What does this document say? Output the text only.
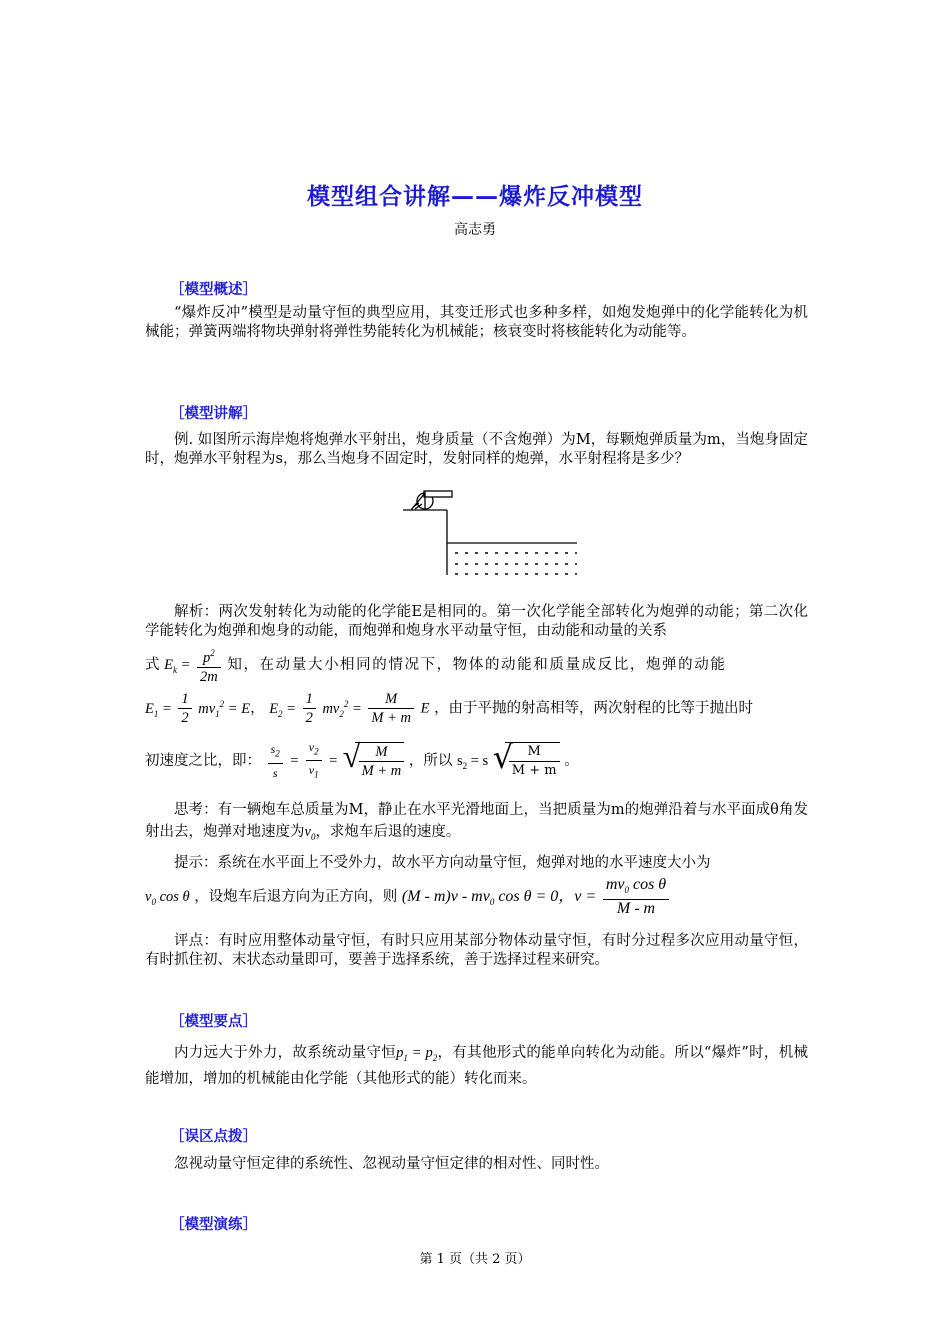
模型组合讲解——爆炸反冲模型
高志勇
［模型概述］
“爆炸反冲”模型是动量守恒的典型应用，其变迁形式也多种多样，如炮发炮弹中的化学能转化为机械能；弹簧两端将物块弹射将弹性势能转化为机械能；核衰变时将核能转化为动能等。
［模型讲解］
例. 如图所示海岸炮将炮弹水平射出，炮身质量（不含炮弹）为M，每颗炮弹质量为m，当炮身固定时，炮弹水平射程为s，那么当炮身不固定时，发射同样的炮弹，水平射程将是多少？
解析：两次发射转化为动能的化学能E是相同的。第一次化学能全部转化为炮弹的动能；第二次化学能转化为炮弹和炮身的动能，而炮弹和炮身水平动量守恒，由动能和动量的关系
式 $E_k = \frac{p^2}{2m}$ 知，在动量大小相同的情况下，物体的动能和质量成反比，炮弹的动能
$E_1 = \frac{1}{2} mv_1^2 = E$， $E_2 = \frac{1}{2} mv_2^2 = \frac{M}{M + m}$ E ，由于平抛的射高相等，两次射程的比等于抛出时
初速度之比，即： $\frac{s_2}{s} = \frac{v_2}{v_1}$ = √  $\frac{M}{M + m}$ ，所以 $s_2 = s$ √  $\frac{M}{M + m}$ 。
思考：有一辆炮车总质量为M，静止在水平光滑地面上，当把质量为m的炮弹沿着与水平面成θ角发射出去，炮弹对地速度为$v_0$，求炮车后退的速度。
提示：系统在水平面上不受外力，故水平方向动量守恒，炮弹对地的水平速度大小为
$v_0$ cos θ ，设炮车后退方向为正方向，则 $(M - m)v - mv_0$ cos θ = 0，$v = \frac{mv_0 \cos \theta}{M - m}$
评点：有时应用整体动量守恒，有时只应用某部分物体动量守恒，有时分过程多次应用动量守恒，有时抓住初、末状态动量即可，要善于选择系统，善于选择过程来研究。
［模型要点］
内力远大于外力，故系统动量守恒$p_1 = p_2$，有其他形式的能单向转化为动能。所以“爆炸”时，机械能增加，增加的机械能由化学能（其他形式的能）转化而来。
［误区点拨］
忽视动量守恒定律的系统性、忽视动量守恒定律的相对性、同时性。
［模型演练］
第 1 页（共 2 页）
